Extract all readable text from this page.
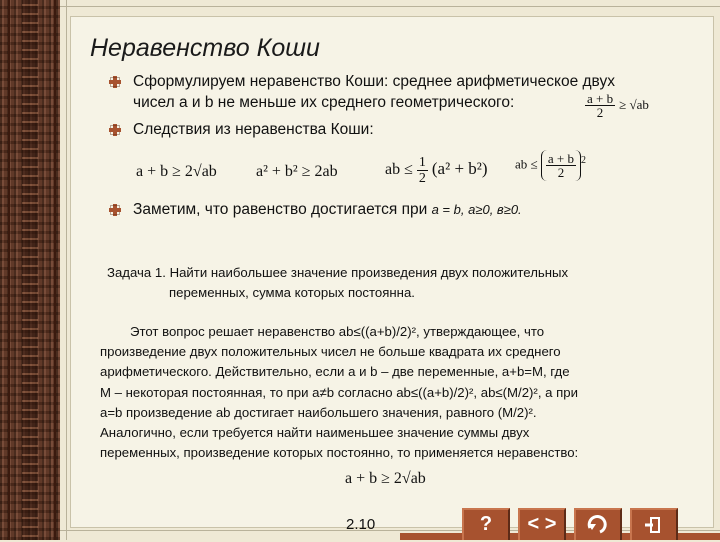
Неравенство Коши
Сформулируем неравенство Коши: среднее арифметическое двух
чисел a и b не меньше их среднего геометрического:	$\frac{a + b}{2} \ge √ab$
Следствия из неравенства Коши:
a + b ≥ 2√ab a² + b² ≥ 2ab	ab ≤ $\frac{1}{2} (a^2 + b^2)$ ab ≤ $\frac{a + b}{2} ^2$
Заметим, что равенство достигается при a = b, a≥0, в≥0.
Задача 1. Найти наибольшее значение произведения двух положительных
переменных, сумма которых постоянна.
Этот вопрос решает неравенство ab≤((a+b)/2)², утверждающее, что
произведение двух положительных чисел не больше квадрата их среднего
арифметического. Действительно, если a и b – две переменные, a+b=M, где
M – некоторая постоянная, то при a≠b согласно ab≤((a+b)/2)², ab≤(M/2)², а при
a=b произведение ab достигает наибольшего значения, равного (M/2)².
Аналогично, если требуется найти наименьшее значение суммы двух
переменных, произведение которых постоянно, то применяется неравенство:
a + b ≥ 2√ab
2.10	?	< >
